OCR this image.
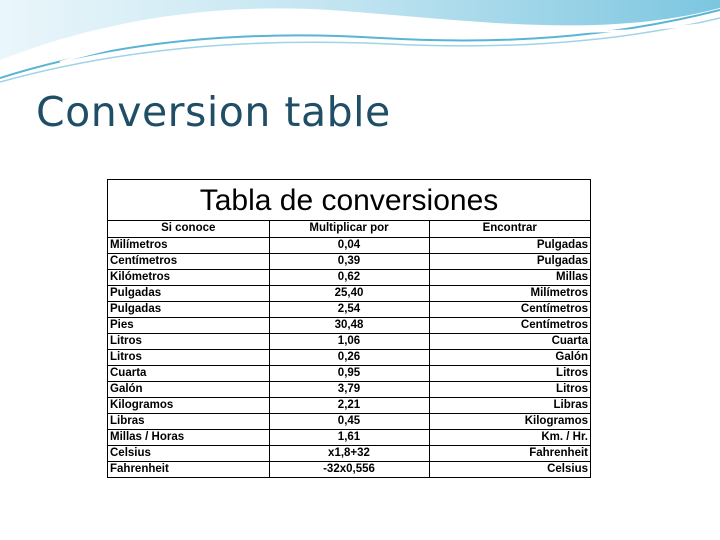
Conversion table
Tabla de conversiones
Si conoce	Multiplicar por	Encontrar
Milímetros	0,04	Pulgadas
Centímetros	0,39	Pulgadas
Kilómetros	0,62	Millas
Pulgadas	25,40	Milímetros
Pulgadas	2,54	Centímetros
Pies	30,48	Centímetros
Litros	1,06	Cuarta
Litros	0,26	Galón
Cuarta	0,95	Litros
Galón	3,79	Litros
Kilogramos	2,21	Libras
Libras	0,45	Kilogramos
Millas / Horas	1,61	Km. / Hr.
Celsius	x1,8+32	Fahrenheit
Fahrenheit	-32x0,556	Celsius
